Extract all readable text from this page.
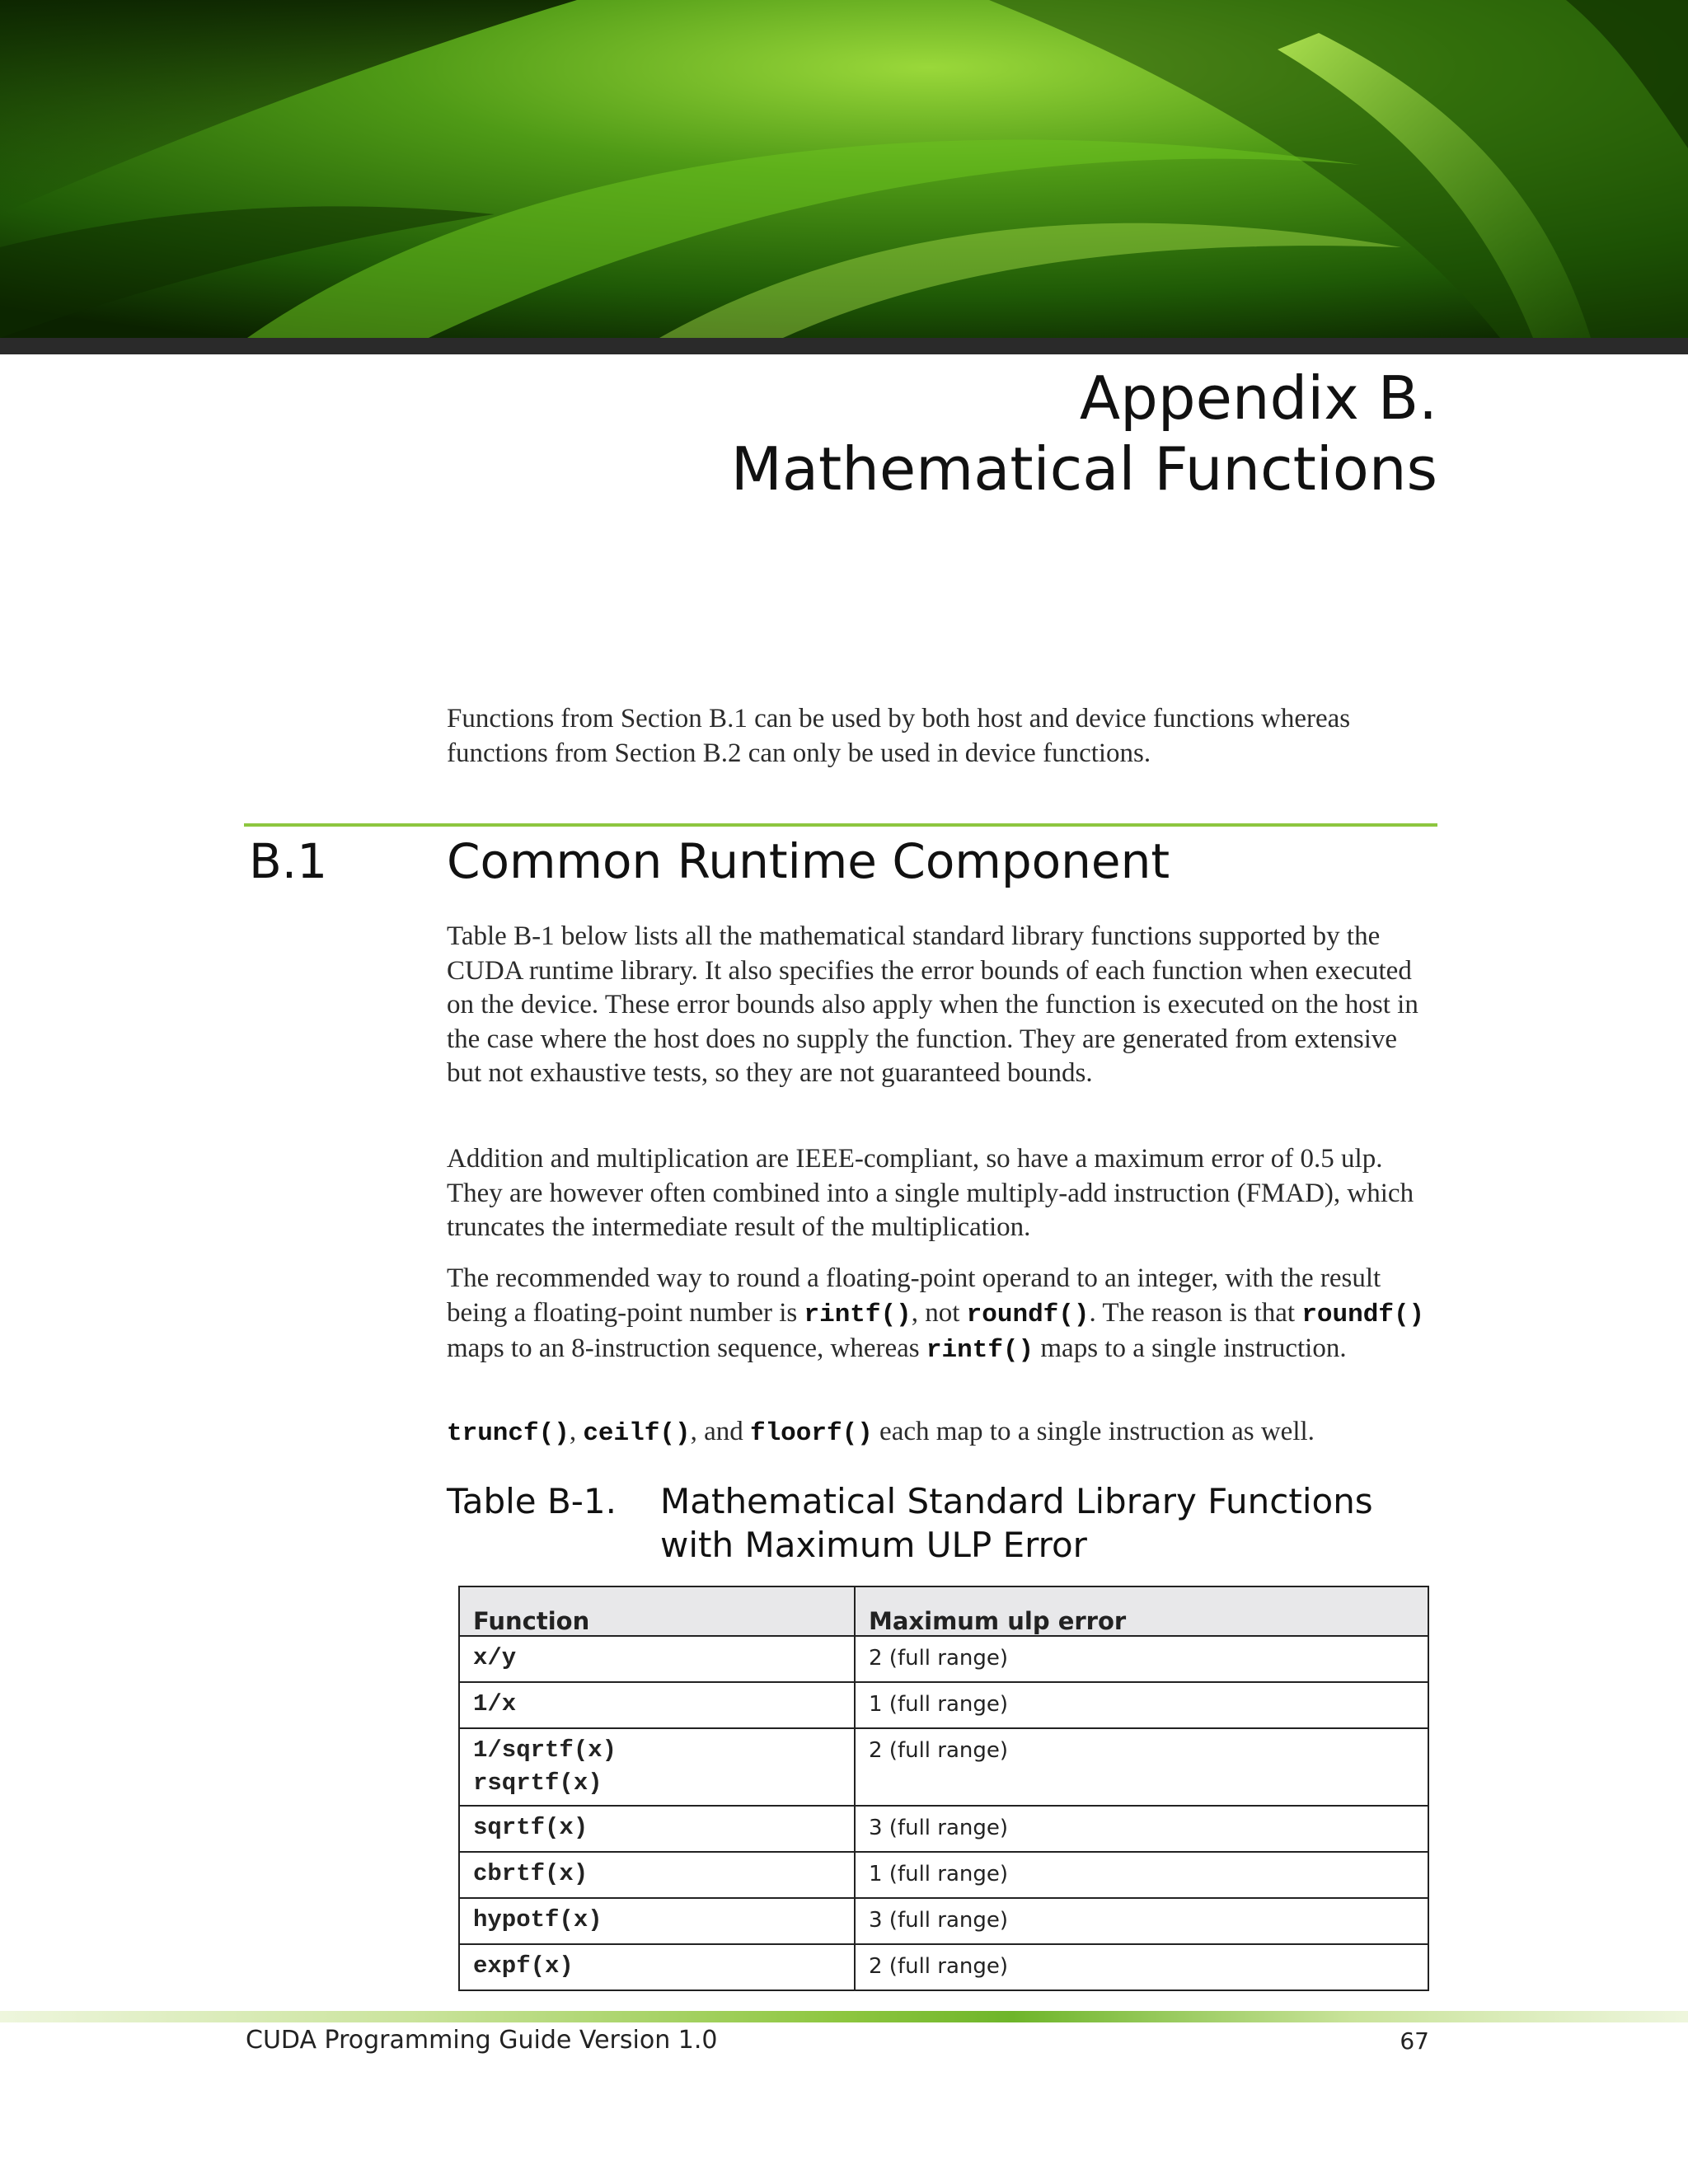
Appendix B.
Mathematical Functions

Functions from Section B.1 can be used by both host and device functions whereas functions from Section B.2 can only be used in device functions.

B.1 Common Runtime Component

Table B-1 below lists all the mathematical standard library functions supported by the CUDA runtime library. It also specifies the error bounds of each function when executed on the device. These error bounds also apply when the function is executed on the host in the case where the host does no supply the function. They are generated from extensive but not exhaustive tests, so they are not guaranteed bounds.

Addition and multiplication are IEEE-compliant, so have a maximum error of 0.5 ulp. They are however often combined into a single multiply-add instruction (FMAD), which truncates the intermediate result of the multiplication.

The recommended way to round a floating-point operand to an integer, with the result being a floating-point number is rintf(), not roundf(). The reason is that roundf() maps to an 8-instruction sequence, whereas rintf() maps to a single instruction.

truncf(), ceilf(), and floorf() each map to a single instruction as well.

Table B-1. Mathematical Standard Library Functions with Maximum ULP Error
Function	Maximum ulp error

x/y	2 (full range)

1/x	1 (full range)

1/sqrtf(x)
rsqrtf(x)	2 (full range)

sqrtf(x)	3 (full range)

cbrtf(x)	1 (full range)

hypotf(x)	3 (full range)

expf(x)	2 (full range)
CUDA Programming Guide Version 1.0	67
